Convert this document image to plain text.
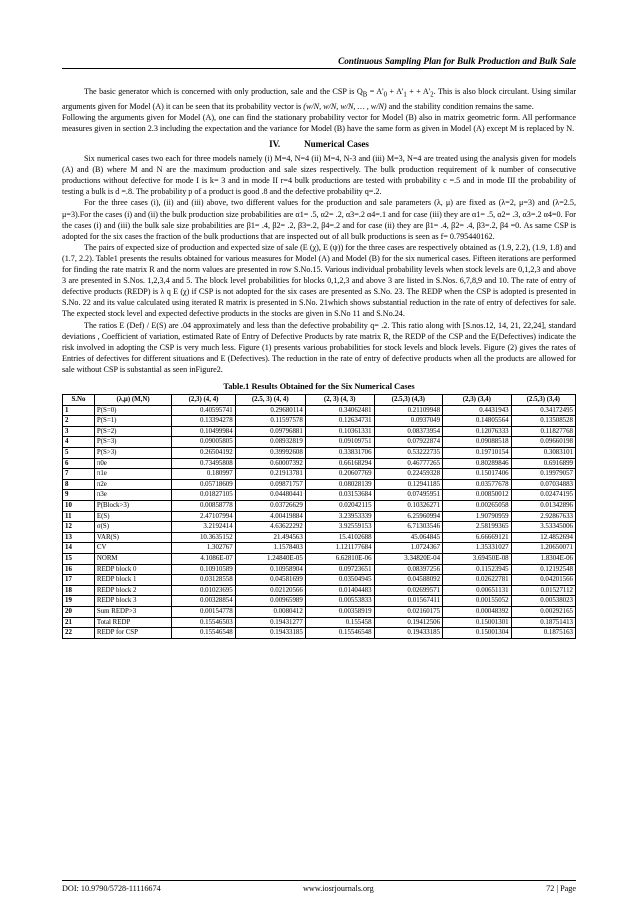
Continuous Sampling Plan for Bulk Production and Bulk Sale

The basic generator which is concerned with only production, sale and the CSP is $Q_B = A'_0 + A'_1$ + + $A'_2$. This is also block circulant. Using similar arguments given for Model (A) it can be seen that its probability vector is (w/N, w/N, w/N, … , w/N) and the stability condition remains the same.

Following the arguments given for Model (A), one can find the stationary probability vector for Model (B) also in matrix geometric form. All performance measures given in section 2.3 including the expectation and the variance for Model (B) have the same form as given in Model (A) except M is replaced by N.

IV.	Numerical Cases

Six numerical cases two each for three models namely (i) M=4, N=4 (ii) M=4, N-3 and (iii) M=3, N=4 are treated using the analysis given for models (A) and (B) where M and N are the maximum production and sale sizes respectively. The bulk production requirement of k number of consecutive productions without defective for mode I is k= 3 and in mode II r=4 bulk productions are tested with probability c =.5 and in mode III the probability of testing a bulk is d =.8. The probability p of a product is good .8 and the defective probability q=.2.

For the three cases (i), (ii) and (iii) above, two different values for the production and sale parameters (λ, μ) are fixed as (λ=2, μ=3) and (λ=2.5, μ=3).For the cases (i) and (ii) the bulk production size probabilities are α1= .5, α2= .2, α3=.2 α4=.1 and for case (iii) they are α1= .5, α2= .3, α3=.2 α4=0. For the cases (i) and (iii) the bulk sale size probabilities are β1= .4, β2= .2, β3=.2, β4=.2 and for case (ii) they are β1= .4, β2= .4, β3=.2, β4 =0. As same CSP is adopted for the six cases the fraction of the bulk productions that are inspected out of all bulk productions is seen as f= 0.795440162.

The pairs of expected size of production and expected size of sale (E (χ), E (ψ)) for the three cases are respectively obtained as (1.9, 2.2), (1.9, 1.8) and (1.7, 2.2). Table1 presents the results obtained for various measures for Model (A) and Model (B) for the six numerical cases. Fifteen iterations are performed for finding the rate matrix R and the norm values are presented in row S.No.15. Various individual probability levels when stock levels are 0,1,2,3 and above 3 are presented in S.Nos. 1,2,3,4 and 5. The block level probabilities for blocks 0,1,2,3 and above 3 are listed in S.Nos. 6,7,8,9 and 10. The rate of entry of defective products (REDP) is λ q E (χ) if CSP is not adopted for the six cases are presented as S.No. 23. The REDP when the CSP is adopted is presented in S.No. 22 and its value calculated using iterated R matrix is presented in S.No. 21which shows substantial reduction in the rate of entry of defectives for sale. The expected stock level and expected defective products in the stocks are given in S.No 11 and S.No.24.

The ratios E (Def) / E(S) are .04 approximately and less than the defective probability q= .2. This ratio along with [S.nos.12, 14, 21, 22,24], standard deviations , Coefficient of variation, estimated Rate of Entry of Defective Products by rate matrix R, the REDP of the CSP and the E(Defectives) indicate the risk involved in adopting the CSP is very much less. Figure (1) presents various probabilities for stock levels and block levels. Figure (2) gives the rates of Entries of defectives for different situations and E (Defectives). The reduction in the rate of entry of defective products when all the products are allowed for sale without CSP is substantial as seen inFigure2.

Table.1 Results Obtained for the Six Numerical Cases
S.No	(λ,μ) (M,N)	(2,3) (4, 4)	(2.5, 3) (4, 4)	(2, 3) (4, 3)	(2.5,3) (4,3)	(2,3) (3,4)	(2.5,3) (3,4)
1	P(S=0)	0.40595741	0.29680114	0.34062481	0.21109948	0.4431943	0.34172495
2	P(S=1)	0.13394278	0.11597578	0.12634731	0.0937049	0.14805564	0.13508528
3	P(S=2)	0.10499984	0.09796881	0.10361331	0.08373954	0.12076333	0.11827768
4	P(S=3)	0.09005805	0.08932819	0.09109751	0.07922874	0.09088518	0.09660198
5	P(S>3)	0.26504192	0.39992608	0.33831706	0.53222735	0.19710154	0.3083101
6	π0e	0.73495808	0.60007392	0.66168294	0.46777265	0.80289846	0.6916899
7	π1e	0.180997	0.21913781	0.20607769	0.22459328	0.15017406	0.19979057
8	π2e	0.05718609	0.09871757	0.08028139	0.12941185	0.03577678	0.07034883
9	π3e	0.01827105	0.04480441	0.03153684	0.07495951	0.00850012	0.02474195
10	P(Block>3)	0.00858778	0.03726629	0.02042115	0.10326271	0.00265058	0.01342896
11	E(S)	2.47107994	4.00419884	3.23953339	6.25960994	1.90790959	2.92867633
12	σ(S)	3.2192414	4.63622292	3.92559153	6.71303546	2.58199365	3.53345006
13	VAR(S)	10.3635152	21.494563	15.4102688	45.064845	6.66669121	12.4852694
14	CV	1.302767	1.1578403	1.121177684	1.0724367	1.35331027	1.20650071
15	NORM	4.1086E-07	1.24840E-05	6.62810E-06	3.34820E-04	3.69450E-08	1.8304E-06
16	REDP block 0	0.10910589	0.10958904	0.09723651	0.08397256	0.11523945	0.12192548
17	REDP block 1	0.03128558	0.04581699	0.03504945	0.04588092	0.02622781	0.04201566
18	REDP block 2	0.01023695	0.02120566	0.01404483	0.02699571	0.00651131	0.01527112
19	REDP block 3	0.00328854	0.00965989	0.00553833	0.01567411	0.00155052	0.00538023
20	Sum REDP>3	0.00154778	0.0080412	0.00358919	0.02160175	0.00048392	0.00292165
21	Total REDP	0.15546503	0.19431277	0.155458	0.19412506	0.15001301	0.18751413
22	REDP for CSP	0.15546548	0.19433185	0.15546548	0.19433185	0.15001304	0.1875163
DOI: 10.9790/5728-11116674	www.iosrjournals.org	72 | Page
